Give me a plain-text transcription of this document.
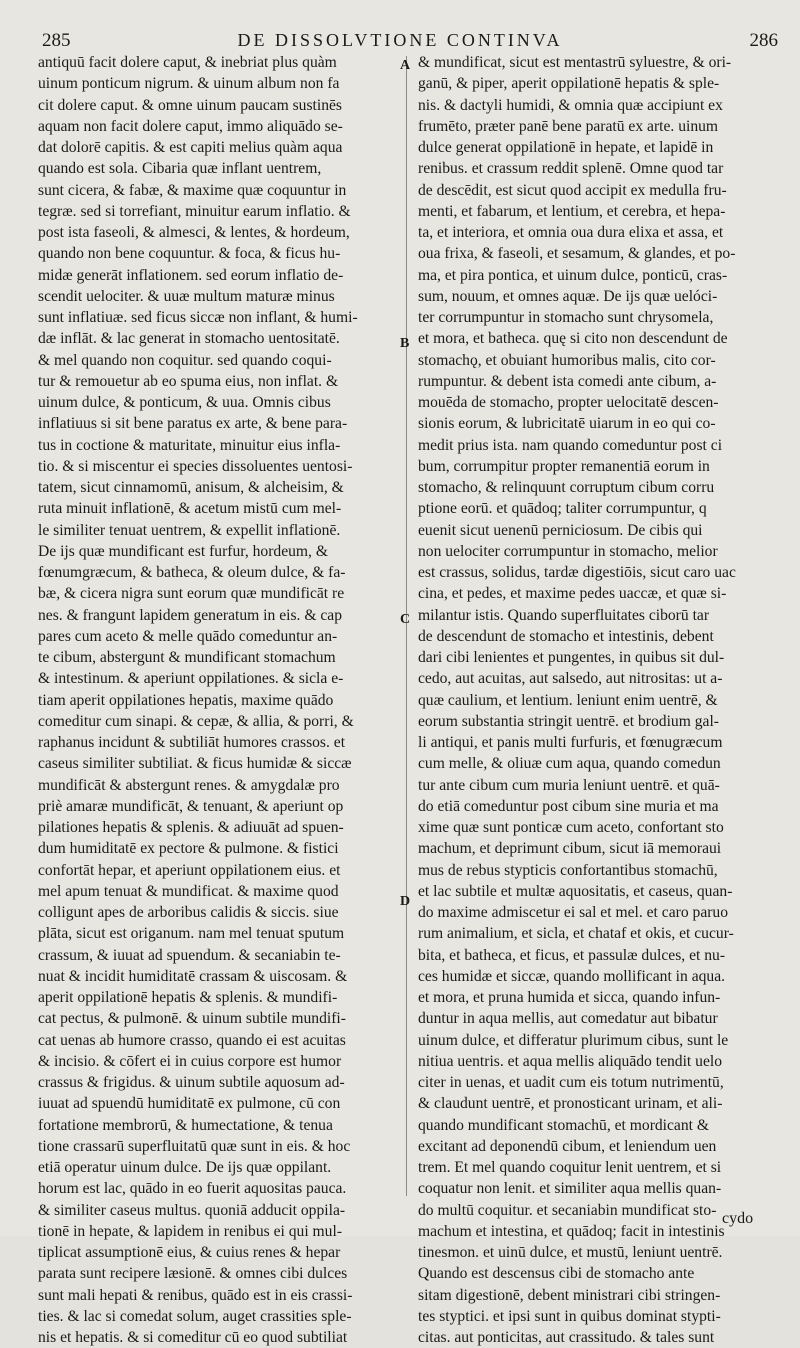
285	DE DISSOLVTIONE CONTINVA	286
antiquū facit dolere caput, & inebriat plus quàm
uinum ponticum nigrum. & uinum album non fa
cit dolere caput. & omne uinum paucam sustinēs
aquam non facit dolere caput, immo aliquādo se-
dat dolorē capitis. & est capiti melius quàm aqua
quando est sola. Cibaria quæ inflant uentrem,
sunt cicera, & fabæ, & maxime quæ coquuntur in
tegræ. sed si torrefiant, minuitur earum inflatio. &
post ista faseoli, & almesci, & lentes, & hordeum,
quando non bene coquuntur. & foca, & ficus hu-
midæ generāt inflationem. sed eorum inflatio de-
scendit uelociter. & uuæ multum maturæ minus
sunt inflatiuæ. sed ficus siccæ non inflant, & humi-
dæ inflāt. & lac generat in stomacho uentositatē.
& mel quando non coquitur. sed quando coqui-
tur & remouetur ab eo spuma eius, non inflat. &
uinum dulce, & ponticum, & uua. Omnis cibus
inflatiuus si sit bene paratus ex arte, & bene para-
tus in coctione & maturitate, minuitur eius infla-
tio. & si miscentur ei species dissoluentes uentosi-
tatem, sicut cinnamomū, anisum, & alcheisim, &
ruta minuit inflationē, & acetum mistū cum mel-
le similiter tenuat uentrem, & expellit inflationē.
De ijs quæ mundificant est furfur, hordeum, &
fœnumgræcum, & batheca, & oleum dulce, & fa-
bæ, & cicera nigra sunt eorum quæ mundificāt re
nes. & frangunt lapidem generatum in eis. & cap
pares cum aceto & melle quādo comeduntur an-
te cibum, abstergunt & mundificant stomachum
& intestinum. & aperiunt oppilationes. & sicla e-
tiam aperit oppilationes hepatis, maxime quādo
comeditur cum sinapi. & cepæ, & allia, & porri, &
raphanus incidunt & subtiliāt humores crassos. et
caseus similiter subtiliat. & ficus humidæ & siccæ
mundificāt & abstergunt renes. & amygdalæ pro
priè amaræ mundificāt, & tenuant, & aperiunt op
pilationes hepatis & splenis. & adiuuāt ad spuen-
dum humiditatē ex pectore & pulmone. & fistici
confortāt hepar, et aperiunt oppilationem eius. et
mel apum tenuat & mundificat. & maxime quod
colligunt apes de arboribus calidis & siccis. siue
plāta, sicut est origanum. nam mel tenuat sputum
crassum, & iuuat ad spuendum. & secaniabin te-
nuat & incidit humiditatē crassam & uiscosam. &
aperit oppilationē hepatis & splenis. & mundifi-
cat pectus, & pulmonē. & uinum subtile mundifi-
cat uenas ab humore crasso, quando ei est acuitas
& incisio. & cōfert ei in cuius corpore est humor
crassus & frigidus. & uinum subtile aquosum ad-
iuuat ad spuendū humiditatē ex pulmone, cū con
fortatione membrorū, & humectatione, & tenua
tione crassarū superfluitatū quæ sunt in eis. & hoc
etiā operatur uinum dulce. De ijs quæ oppilant.
horum est lac, quādo in eo fuerit aquositas pauca.
& similiter caseus multus. quoniā adducit oppila-
tionē in hepate, & lapidem in renibus ei qui mul-
tiplicat assumptionē eius, & cuius renes & hepar
parata sunt recipere læsionē. & omnes cibi dulces
sunt mali hepati & renibus, quādo est in eis crassi-
ties. & lac si comedat solum, auget crassities sple-
nis et hepatis. & si comeditur cū eo quod subtiliat
A
B
C
D
& mundificat, sicut est mentastrū syluestre, & ori-
ganū, & piper, aperit oppilationē hepatis & sple-
nis. & dactyli humidi, & omnia quæ accipiunt ex
frumēto, præter panē bene paratū ex arte. uinum
dulce generat oppilationē in hepate, et lapidē in
renibus. et crassum reddit splenē. Omne quod tar
de descēdit, est sicut quod accipit ex medulla fru-
menti, et fabarum, et lentium, et cerebra, et hepa-
ta, et interiora, et omnia oua dura elixa et assa, et
oua frixa, & faseoli, et sesamum, & glandes, et po-
ma, et pira pontica, et uinum dulce, ponticū, cras-
sum, nouum, et omnes aquæ. De ijs quæ uelóci-
ter corrumpuntur in stomacho sunt chrysomela,
et mora, et batheca. quę si cito non descendunt de
stomachǫ, et obuiant humoribus malis, cito cor-
rumpuntur. & debent ista comedi ante cibum, a-
mouēda de stomacho, propter uelocitatē descen-
sionis eorum, & lubricitatē uiarum in eo qui co-
medit prius ista. nam quando comeduntur post ci
bum, corrumpitur propter remanentiā eorum in
stomacho, & relinquunt corruptum cibum corru
ptione eorū. et quādoq; taliter corrumpuntur, q
euenit sicut uenenū perniciosum. De cibis qui
non uelociter corrumpuntur in stomacho, melior
est crassus, solidus, tardæ digestiōis, sicut caro uac
cina, et pedes, et maxime pedes uaccæ, et quæ si-
milantur istis. Quando superfluitates ciborū tar
de descendunt de stomacho et intestinis, debent
dari cibi lenientes et pungentes, in quibus sit dul-
cedo, aut acuitas, aut salsedo, aut nitrositas: ut a-
quæ caulium, et lentium. leniunt enim uentrē, &
eorum substantia stringit uentrē. et brodium gal-
li antiqui, et panis multi furfuris, et fœnugræcum
cum melle, & oliuæ cum aqua, quando comedun
tur ante cibum cum muria leniunt uentrē. et quā-
do etiā comeduntur post cibum sine muria et ma
xime quæ sunt ponticæ cum aceto, confortant sto
machum, et deprimunt cibum, sicut iā memoraui
mus de rebus stypticis confortantibus stomachū,
et lac subtile et multæ aquositatis, et caseus, quan-
do maxime admiscetur ei sal et mel. et caro paruo
rum animalium, et sicla, et chataf et okis, et cucur-
bita, et batheca, et ficus, et passulæ dulces, et nu-
ces humidæ et siccæ, quando mollificant in aqua.
et mora, et pruna humida et sicca, quando infun-
duntur in aqua mellis, aut comedatur aut bibatur
uinum dulce, et differatur plurimum cibus, sunt le
nitiua uentris. et aqua mellis aliquādo tendit uelo
citer in uenas, et uadit cum eis totum nutrimentū,
& claudunt uentrē, et pronosticant urinam, et ali-
quando mundificant stomachū, et mordicant &
excitant ad deponendū cibum, et leniendum uen
trem. Et mel quando coquitur lenit uentrem, et si
coquatur non lenit. et similiter aqua mellis quan-
do multū coquitur. et secaniabin mundificat sto-
machum et intestina, et quādoq; facit in intestinis
tinesmon. et uinū dulce, et mustū, leniunt uentrē.
Quando est descensus cibi de stomacho ante
sitam digestionē, debent ministrari cibi stringen-
tes styptici. et ipsi sunt in quibus dominat stypti-
citas. aut ponticitas, aut crassitudo. & tales sunt
cydo
